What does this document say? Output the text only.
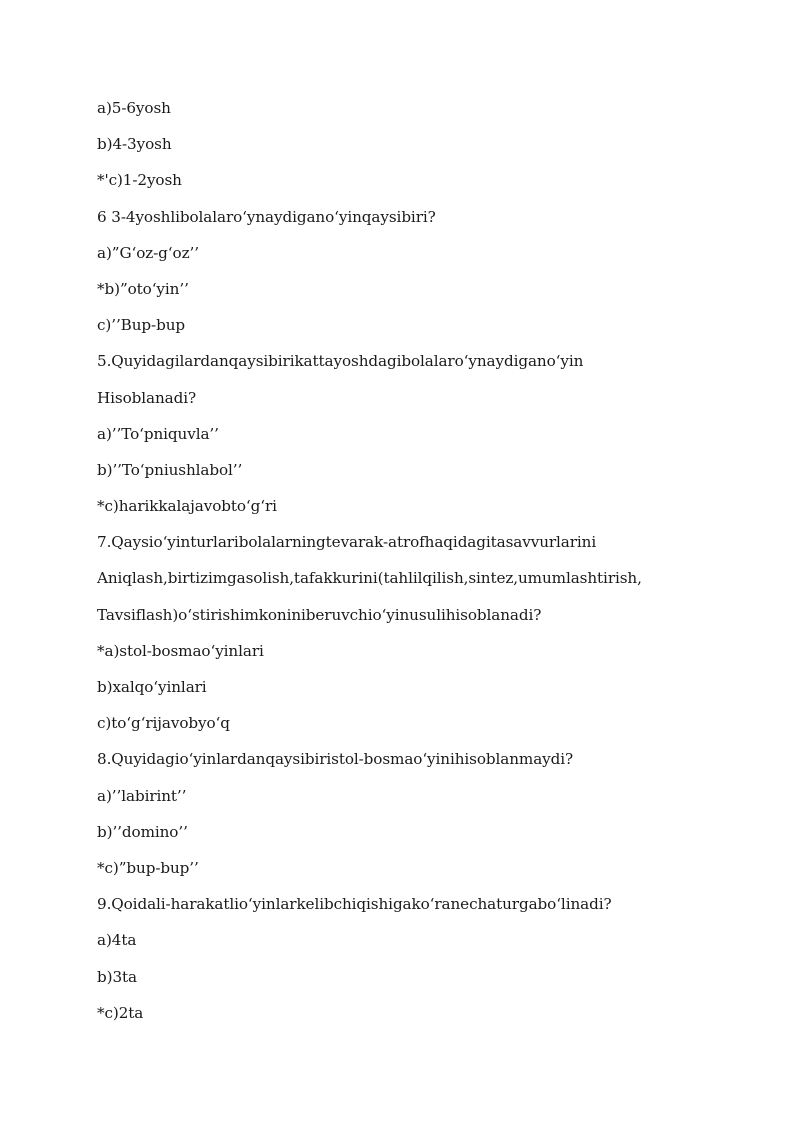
a)5-6yosh
b)4-3yosh
*'c)1-2yosh
6 3-4yoshlibolalaro‘ynaydigano‘yinqaysibiri?
a)”G‘oz-g‘oz’’
*b)”oto‘yin’’
c)’’Bup-bup
5.Quyidagilardanqaysibirikattayoshdagibolalaro‘ynaydigano‘yin
Hisoblanadi?
a)’’To‘pniquvla’’
b)’’To‘pniushlabol’’
*c)harikkalajavobto‘g‘ri
7.Qaysio‘yinturlaribolalarningtevarak-atrofhaqidagitasavvurlarini
Aniqlash,birtizimgasolish,tafakkurini(tahlilqilish,sintez,umumlashtirish,
Tavsiflash)o‘stirishimkoniniberuvchio‘yinusulihisoblanadi?
*a)stol-bosmao‘yinlari
b)xalqo‘yinlari
c)to‘g‘rijavobyo‘q
8.Quyidagio‘yinlardanqaysibiristol-bosmao‘yinihisoblanmaydi?
a)’’labirint’’
b)’’domino’’
*c)”bup-bup’’
9.Qoidali-harakatlio‘yinlarkelibchiqishigako‘ranechaturgabo‘linadi?
a)4ta
b)3ta
*c)2ta
